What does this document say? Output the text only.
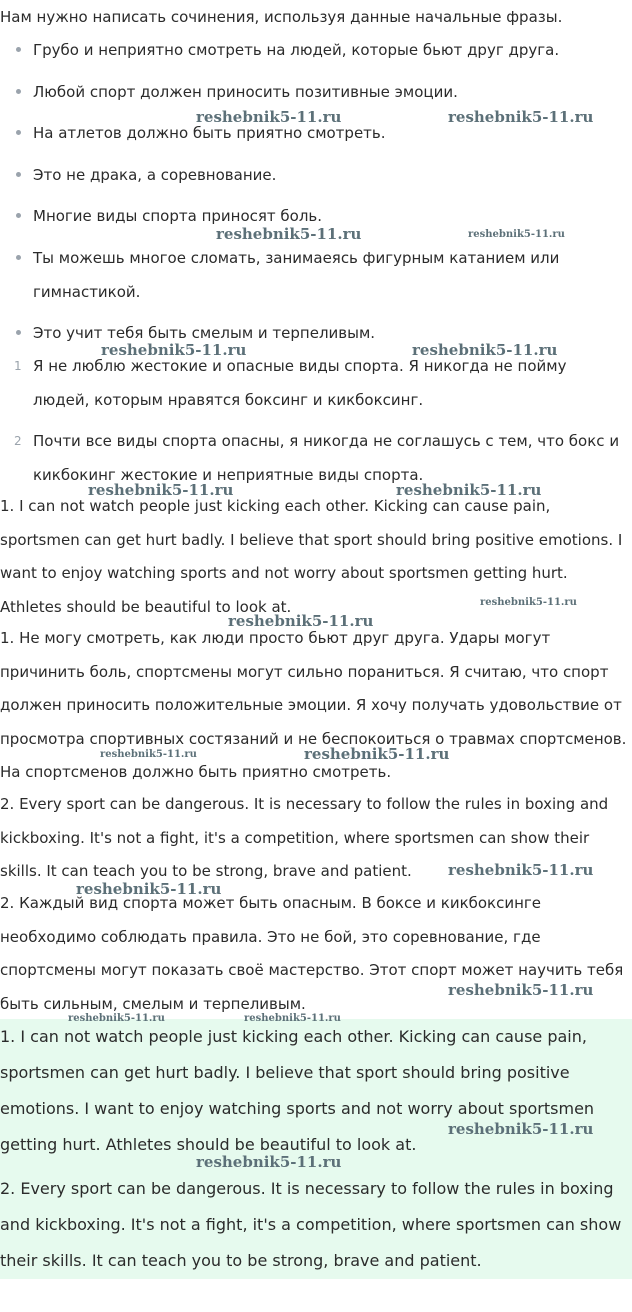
Нам нужно написать сочинения, используя данные начальные фразы.
Грубо и неприятно смотреть на людей, которые бьют друг друга.
Любой спорт должен приносить позитивные эмоции.
На атлетов должно быть приятно смотреть.
Это не драка, а соревнование.
Многие виды спорта приносят боль.
Ты можешь многое сломать, занимаеясь фигурным катанием или гимнастикой.
Это учит тебя быть смелым и терпеливым.
1 Я не люблю жестокие и опасные виды спорта. Я никогда не пойму людей, которым нравятся боксинг и кикбоксинг.
2 Почти все виды спорта опасны, я никогда не соглашусь с тем, что бокс и кикбокинг жестокие и неприятные виды спорта.
1. I can not watch people just kicking each other. Kicking can cause pain, sportsmen can get hurt badly. I believe that sport should bring positive emotions. I want to enjoy watching sports and not worry about sportsmen getting hurt. Athletes should be beautiful to look at.
1. Не могу смотреть, как люди просто бьют друг друга. Удары могут причинить боль, спортсмены могут сильно пораниться. Я считаю, что спорт должен приносить положительные эмоции. Я хочу получать удовольствие от просмотра спортивных состязаний и не беспокоиться о травмах спортсменов. На спортсменов должно быть приятно смотреть.
2. Every sport can be dangerous. It is necessary to follow the rules in boxing and kickboxing. It's not a fight, it's a competition, where sportsmen can show their skills. It can teach you to be strong, brave and patient.
2. Каждый вид спорта может быть опасным. В боксе и кикбоксинге необходимо соблюдать правила. Это не бой, это соревнование, где спортсмены могут показать своё мастерство. Этот спорт может научить тебя быть сильным, смелым и терпеливым.
1. I can not watch people just kicking each other. Kicking can cause pain, sportsmen can get hurt badly. I believe that sport should bring positive emotions. I want to enjoy watching sports and not worry about sportsmen getting hurt. Athletes should be beautiful to look at.
2. Every sport can be dangerous. It is necessary to follow the rules in boxing and kickboxing. It's not a fight, it's a competition, where sportsmen can show their skills. It can teach you to be strong, brave and patient.
reshebnik5-11.ru	reshebnik5-11.ru
reshebnik5-11.ru	reshebnik5-11.ru
reshebnik5-11.ru	reshebnik5-11.ru
reshebnik5-11.ru	reshebnik5-11.ru
reshebnik5-11.ru
reshebnik5-11.ru
reshebnik5-11.ru	reshebnik5-11.ru
reshebnik5-11.ru
reshebnik5-11.ru
reshebnik5-11.ru
reshebnik5-11.ru	reshebnik5-11.ru
reshebnik5-11.ru
reshebnik5-11.ru
